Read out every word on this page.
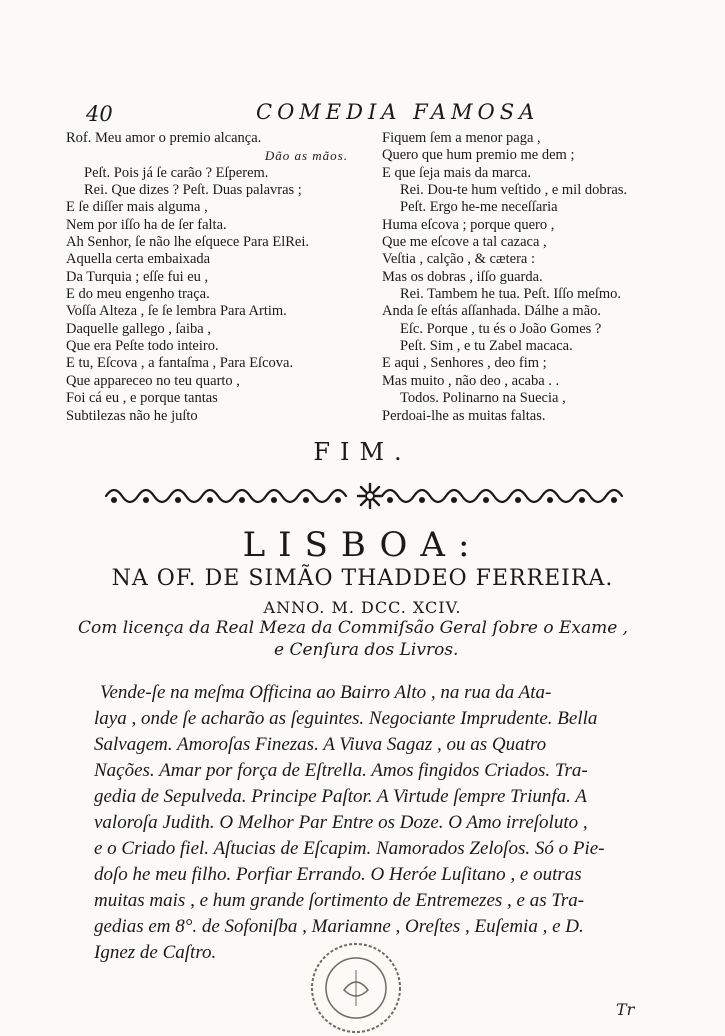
40	COMEDIA FAMOSA
Rof. Meu amor o premio alcança.
Dão as mãos.
Peſt. Pois já ſe carão ? Eſperem.
Rei. Que dizes ? Peſt. Duas palavras ;
E ſe diſſer mais alguma ,
Nem por iſſo ha de ſer falta.
Ah Senhor, ſe não lhe eſquece Para ElRei.
Aquella certa embaixada
Da Turquia ; eſſe fui eu ,
E do meu engenho traça.
Voſſa Alteza , ſe ſe lembra Para Artim.
Daquelle gallego , ſaiba ,
Que era Peſte todo inteiro.
E tu, Eſcova , a fantaſma , Para Eſcova.
Que appareceo no teu quarto ,
Foi cá eu , e porque tantas
Subtilezas não he juſto
Fiquem ſem a menor paga ,
Quero que hum premio me dem ;
E que ſeja mais da marca.
Rei. Dou-te hum veſtido , e mil dobras.
Peſt. Ergo he-me neceſſaria
Huma eſcova ; porque quero ,
Que me eſcove a tal cazaca ,
Veſtia , calção , & cætera :
Mas os dobras , iſſo guarda.
Rei. Tambem he tua. Peſt. Iſſo meſmo.
Anda ſe eſtás aſſanhada. Dálhe a mão.
Eſc. Porque , tu és o João Gomes ?
Peſt. Sim , e tu Zabel macaca.
E aqui , Senhores , deo fim ;
Mas muito , não deo , acaba . .
Todos. Polinarno na Suecia ,
Perdoai-lhe as muitas faltas.
FIM.
LISBOA:
NA OF. DE SIMÃO THADDEO FERREIRA.
ANNO. M. DCC. XCIV.
Com licença da Real Meza da Commiſsão Geral ſobre o Exame ,
e Cenſura dos Livros.
Vende-ſe na meſma Officina ao Bairro Alto , na rua da Ata-
laya , onde ſe acharão as ſeguintes. Negociante Imprudente. Bella
Salvagem. Amoroſas Finezas. A Viuva Sagaz , ou as Quatro
Nações. Amar por força de Eſtrella. Amos fingidos Criados. Tra-
gedia de Sepulveda. Principe Paſtor. A Virtude ſempre Triunfa. A
valoroſa Judith. O Melhor Par Entre os Doze. O Amo irreſoluto ,
e o Criado fiel. Aſtucias de Eſcapim. Namorados Zeloſos. Só o Pie-
doſo he meu filho. Porfiar Errando. O Heróe Luſitano , e outras
muitas mais , e hum grande ſortimento de Entremezes , e as Tra-
gedias em 8°. de Sofoniſba , Mariamne , Oreſtes , Euſemia , e D.
Ignez de Caſtro.
Tr
